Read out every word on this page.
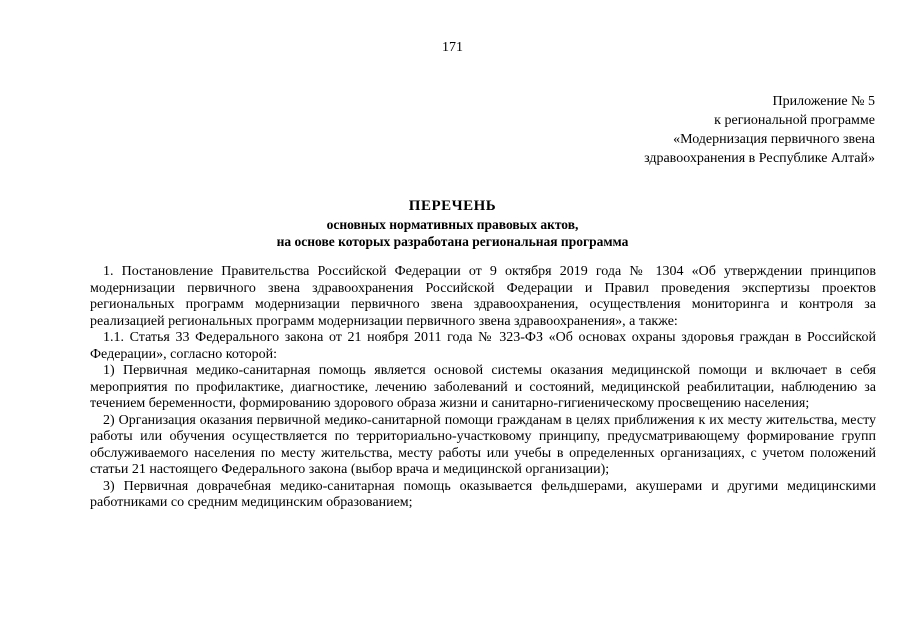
171
Приложение № 5
к региональной программе
«Модернизация первичного звена
здравоохранения в Республике Алтай»
ПЕРЕЧЕНЬ
основных нормативных правовых актов,
на основе которых разработана региональная программа

1. Постановление Правительства Российской Федерации от 9 октября 2019 года № 1304 «Об утверждении принципов модернизации первичного звена здравоохранения Российской Федерации и Правил проведения экспертизы проектов региональных программ модернизации первичного звена здравоохранения, осуществления мониторинга и контроля за реализацией региональных программ модернизации первичного звена здравоохранения», а также:

1.1. Статья 33 Федерального закона от 21 ноября 2011 года № 323-ФЗ «Об основах охраны здоровья граждан в Российской Федерации», согласно которой:

1) Первичная медико-санитарная помощь является основой системы оказания медицинской помощи и включает в себя мероприятия по профилактике, диагностике, лечению заболеваний и состояний, медицинской реабилитации, наблюдению за течением беременности, формированию здорового образа жизни и санитарно-гигиеническому просвещению населения;

2) Организация оказания первичной медико-санитарной помощи гражданам в целях приближения к их месту жительства, месту работы или обучения осуществляется по территориально-участковому принципу, предусматривающему формирование групп обслуживаемого населения по месту жительства, месту работы или учебы в определенных организациях, с учетом положений статьи 21 настоящего Федерального закона (выбор врача и медицинской организации);

3) Первичная доврачебная медико-санитарная помощь оказывается фельдшерами, акушерами и другими медицинскими работниками со средним медицинским образованием;
